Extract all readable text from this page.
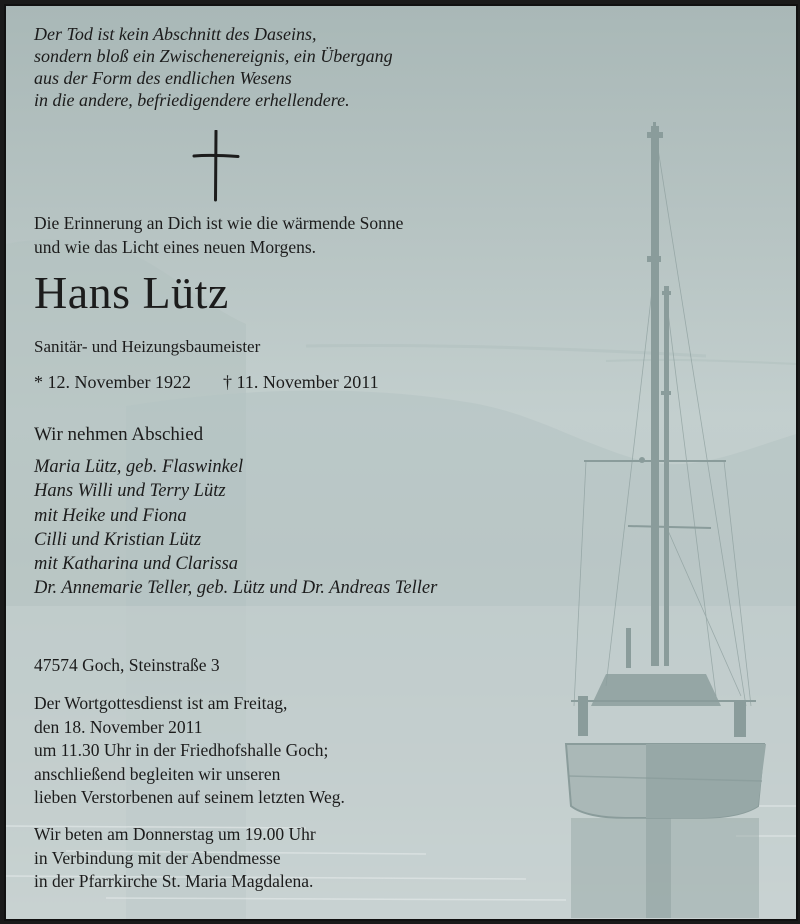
Der Tod ist kein Abschnitt des Daseins,
sondern bloß ein Zwischenereignis, ein Übergang
aus der Form des endlichen Wesens
in die andere, befriedigendere erhellendere.
Die Erinnerung an Dich ist wie die wärmende Sonne
und wie das Licht eines neuen Morgens.
Hans Lütz
Sanitär- und Heizungsbaumeister
* 12. November 1922 † 11. November 2011
Wir nehmen Abschied
Maria Lütz, geb. Flaswinkel
Hans Willi und Terry Lütz
mit Heike und Fiona
Cilli und Kristian Lütz
mit Katharina und Clarissa
Dr. Annemarie Teller, geb. Lütz und Dr. Andreas Teller
47574 Goch, Steinstraße 3
Der Wortgottesdienst ist am Freitag,
den 18. November 2011
um 11.30 Uhr in der Friedhofshalle Goch;
anschließend begleiten wir unseren
lieben Verstorbenen auf seinem letzten Weg.
Wir beten am Donnerstag um 19.00 Uhr
in Verbindung mit der Abendmesse
in der Pfarrkirche St. Maria Magdalena.
